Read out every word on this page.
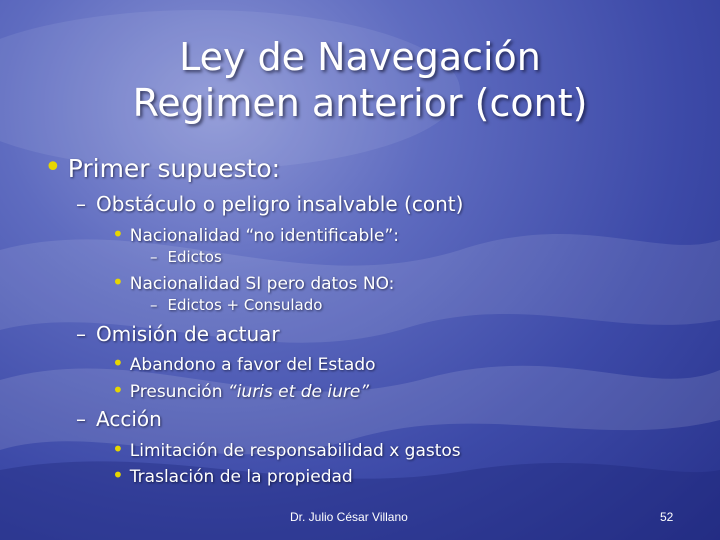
Ley de Navegación
Regimen anterior (cont)
• Primer supuesto:
– Obstáculo o peligro insalvable (cont)
• Nacionalidad “no identificable”:
– Edictos
• Nacionalidad SI pero datos NO:
– Edictos + Consulado
– Omisión de actuar
• Abandono a favor del Estado
• Presunción “iuris et de iure”
– Acción
• Limitación de responsabilidad x gastos
• Traslación de la propiedad
Dr. Julio César Villano	52
